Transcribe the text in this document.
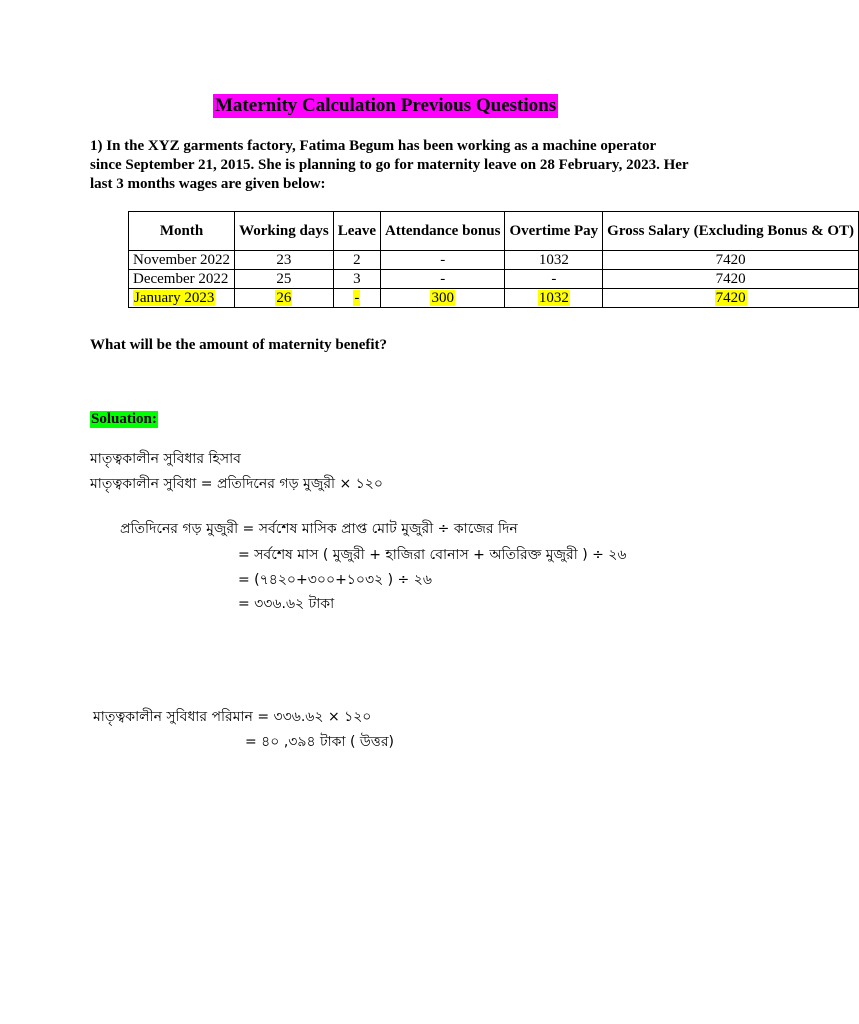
Maternity Calculation Previous Questions
1) In the XYZ garments factory, Fatima Begum has been working as a machine operator since September 21, 2015. She is planning to go for maternity leave on 28 February, 2023. Her last 3 months wages are given below:
Month	Working days	Leave	Attendance bonus	Overtime Pay	Gross Salary (Excluding Bonus & OT)
November 2022	23	2	-	1032	7420
December 2022	25	3	-	-	7420
January 2023	26	-	300	1032	7420
What will be the amount of maternity benefit?
Soluation:
মাতৃত্বকালীন সুবিধার হিসাব
মাতৃত্বকালীন সুবিধা = প্রতিদিনের গড় মুজুরী × ১২০
প্রতিদিনের গড় মুজুরী = সর্বশেষ মাসিক প্রাপ্ত মোট মুজুরী ÷ কাজের দিন
= সর্বশেষ মাস ( মুজুরী + হাজিরা বোনাস + অতিরিক্ত মুজুরী ) ÷ ২৬
= (৭৪২০+৩০০+১০৩২ ) ÷ ২৬
= ৩৩৬.৬২ টাকা
মাতৃত্বকালীন সুবিধার পরিমান = ৩৩৬.৬২ × ১২০
= ৪০ ,৩৯৪ টাকা ( উত্তর)
